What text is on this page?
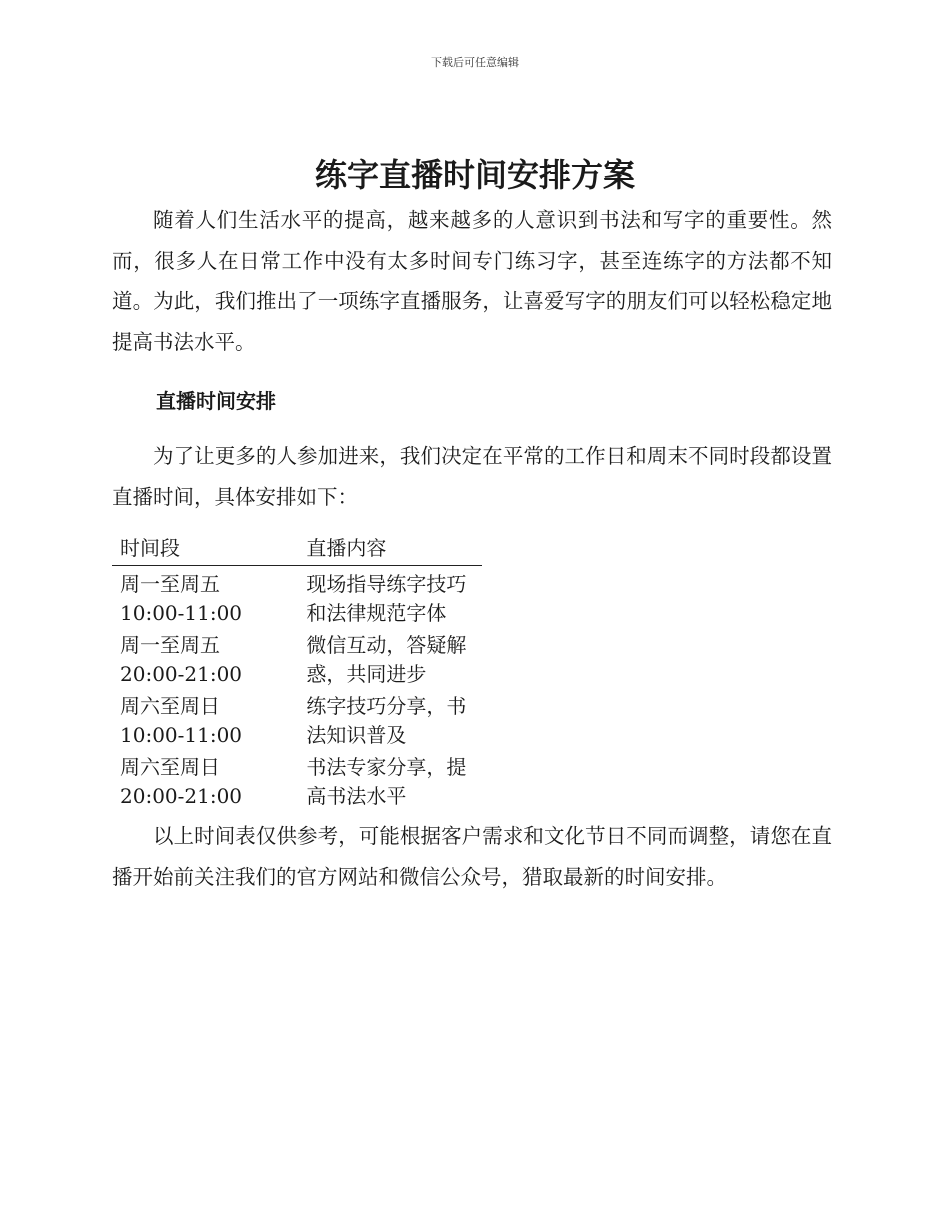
下载后可任意编辑
练字直播时间安排方案

随着人们生活水平的提高，越来越多的人意识到书法和写字的重要性。然而，很多人在日常工作中没有太多时间专门练习字，甚至连练字的方法都不知道。为此，我们推出了一项练字直播服务，让喜爱写字的朋友们可以轻松稳定地提高书法水平。

直播时间安排

为了让更多的人参加进来，我们决定在平常的工作日和周末不同时段都设置直播时间，具体安排如下：

时间段	直播内容

周一至周五
10:00-11:00	现场指导练字技巧和法律规范字体

周一至周五
20:00-21:00	微信互动，答疑解惑，共同进步

周六至周日
10:00-11:00	练字技巧分享，书法知识普及

周六至周日
20:00-21:00	书法专家分享，提高书法水平

以上时间表仅供参考，可能根据客户需求和文化节日不同而调整，请您在直播开始前关注我们的官方网站和微信公众号，猎取最新的时间安排。
